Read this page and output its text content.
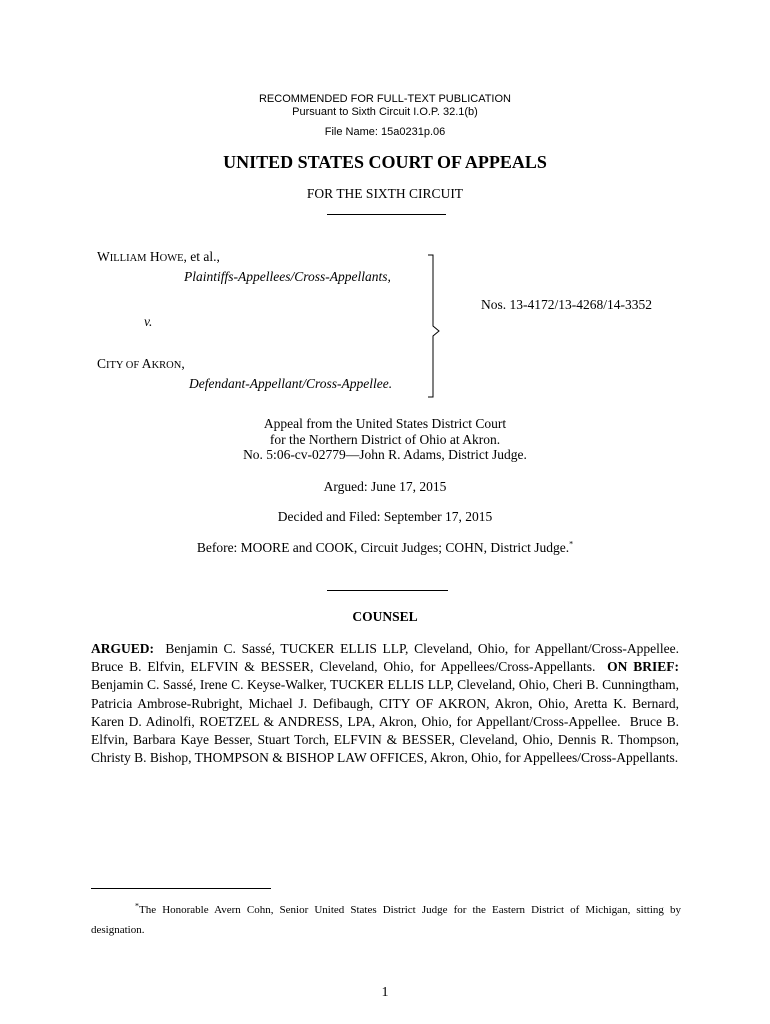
RECOMMENDED FOR FULL-TEXT PUBLICATION
Pursuant to Sixth Circuit I.O.P. 32.1(b)
File Name: 15a0231p.06
UNITED STATES COURT OF APPEALS
FOR THE SIXTH CIRCUIT
WILLIAM HOWE, et al.,
Plaintiffs-Appellees/Cross-Appellants,
v.
CITY OF AKRON,
Defendant-Appellant/Cross-Appellee.
Nos. 13-4172/13-4268/14-3352
Appeal from the United States District Court
for the Northern District of Ohio at Akron.
No. 5:06-cv-02779—John R. Adams, District Judge.
Argued: June 17, 2015
Decided and Filed: September 17, 2015
Before: MOORE and COOK, Circuit Judges; COHN, District Judge.*
COUNSEL
ARGUED:  Benjamin C. Sassé, TUCKER ELLIS LLP, Cleveland, Ohio, for Appellant/Cross-Appellee.  Bruce B. Elfvin, ELFVIN & BESSER, Cleveland, Ohio, for Appellees/Cross-Appellants.  ON BRIEF:  Benjamin C. Sassé, Irene C. Keyse-Walker, TUCKER ELLIS LLP, Cleveland, Ohio, Cheri B. Cunningtham, Patricia Ambrose-Rubright, Michael J. Defibaugh, CITY OF AKRON, Akron, Ohio, Aretta K. Bernard, Karen D. Adinolfi, ROETZEL & ANDRESS, LPA, Akron, Ohio, for Appellant/Cross-Appellee.  Bruce B. Elfvin, Barbara Kaye Besser, Stuart Torch, ELFVIN & BESSER, Cleveland, Ohio, Dennis R. Thompson, Christy B. Bishop, THOMPSON & BISHOP LAW OFFICES, Akron, Ohio, for Appellees/Cross-Appellants.
*The Honorable Avern Cohn, Senior United States District Judge for the Eastern District of Michigan, sitting by designation.
1
